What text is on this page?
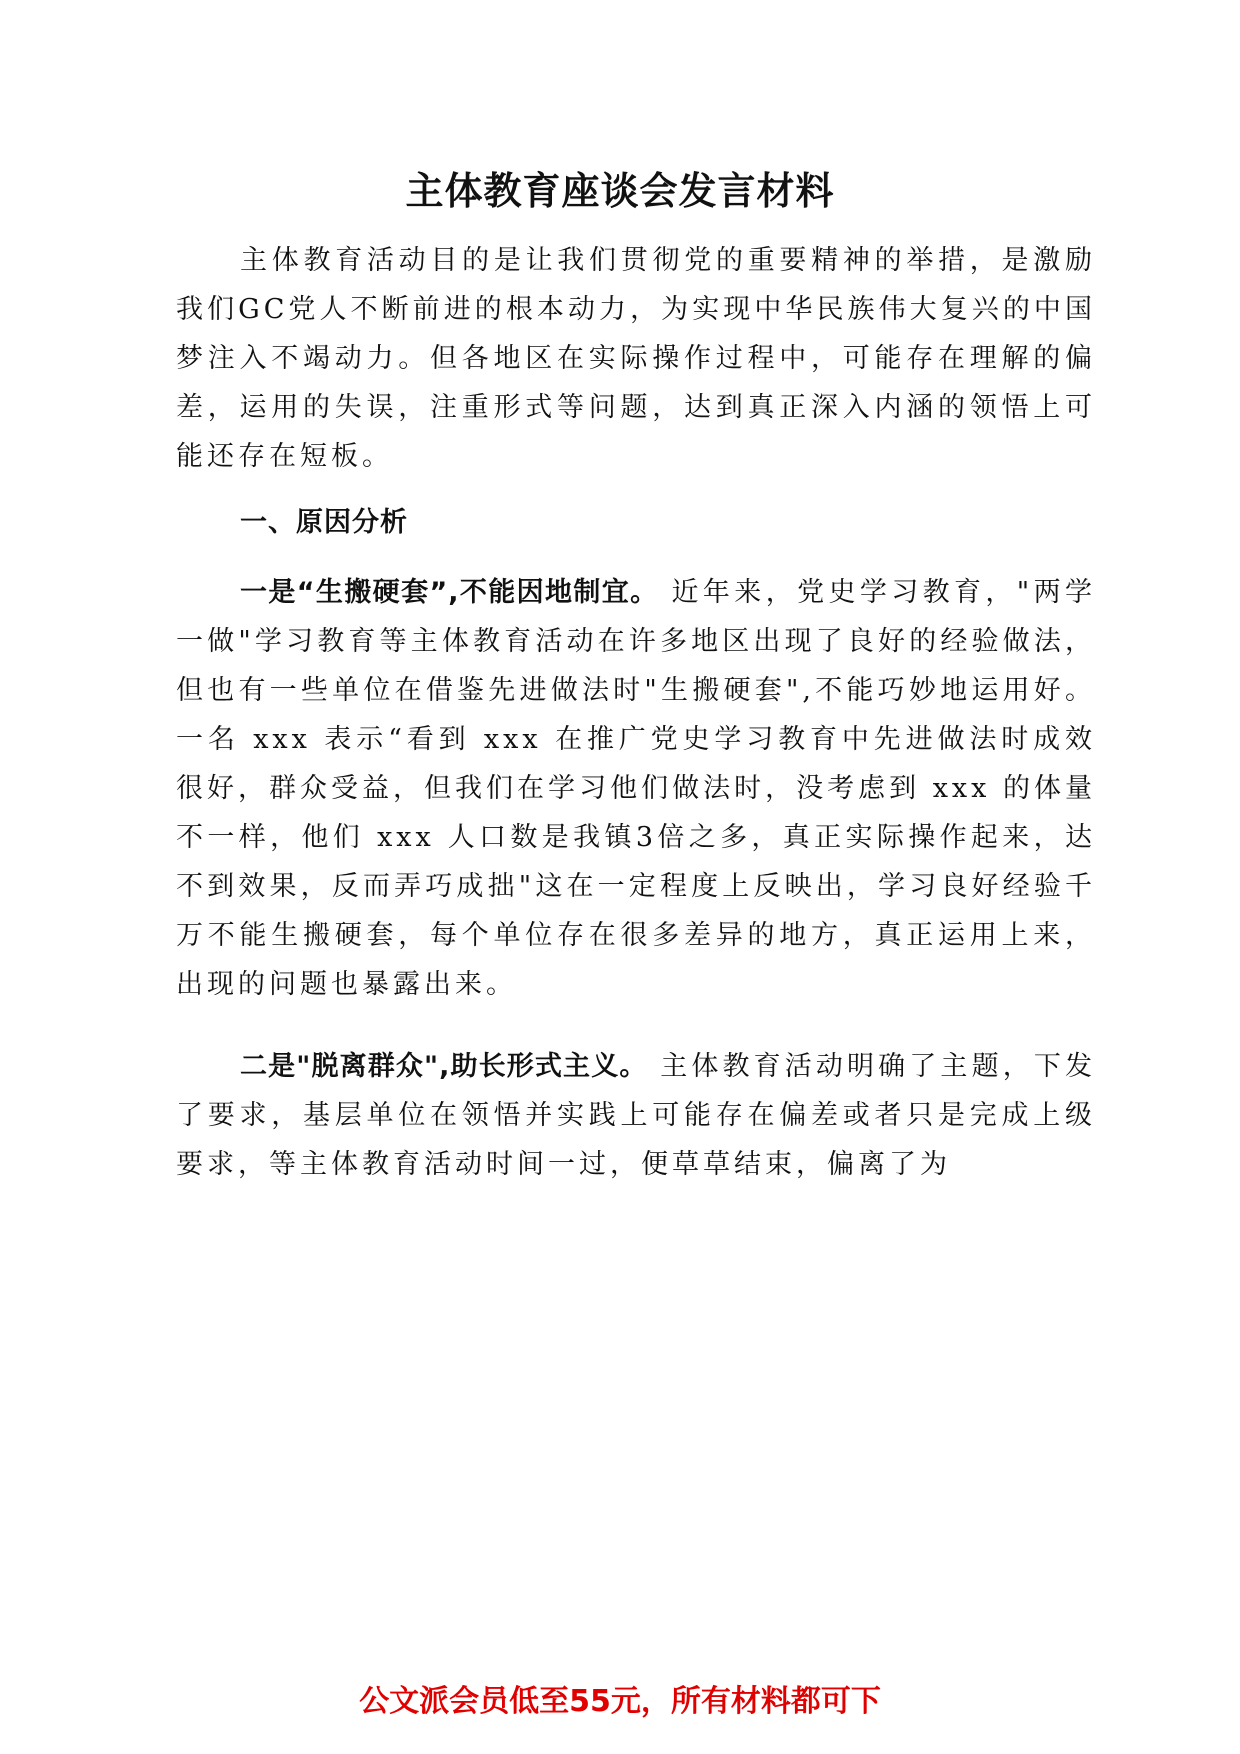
主体教育座谈会发言材料

主体教育活动目的是让我们贯彻党的重要精神的举措，是激励我们GC党人不断前进的根本动力，为实现中华民族伟大复兴的中国梦注入不竭动力。但各地区在实际操作过程中，可能存在理解的偏差，运用的失误，注重形式等问题，达到真正深入内涵的领悟上可能还存在短板。

一、原因分析

一是“生搬硬套”,不能因地制宜。 近年来，党史学习教育，"两学一做"学习教育等主体教育活动在许多地区出现了良好的经验做法，但也有一些单位在借鉴先进做法时"生搬硬套",不能巧妙地运用好。 一名 xxx 表示“看到 xxx 在推广党史学习教育中先进做法时成效很好，群众受益，但我们在学习他们做法时，没考虑到 xxx 的体量不一样，他们 xxx 人口数是我镇3倍之多，真正实际操作起来，达不到效果，反而弄巧成拙"这在一定程度上反映出，学习良好经验千万不能生搬硬套，每个单位存在很多差异的地方，真正运用上来，出现的问题也暴露出来。

二是"脱离群众",助长形式主义。 主体教育活动明确了主题，下发了要求，基层单位在领悟并实践上可能存在偏差或者只是完成上级要求，等主体教育活动时间一过，便草草结束，偏离了为

公文派会员低至55元，所有材料都可下
